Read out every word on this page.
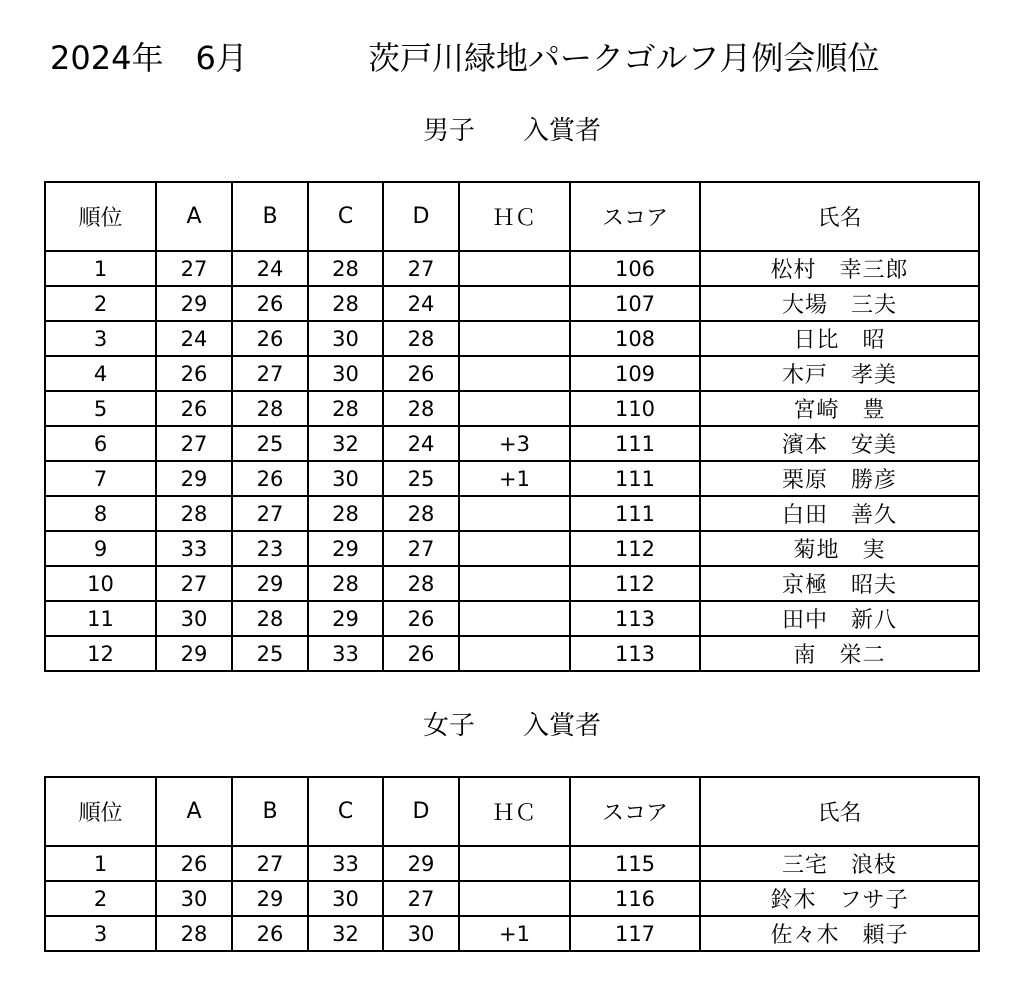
2024年　6月	茨戸川緑地パークゴルフ月例会順位
男子 入賞者
順位	A	B	C	D	ＨＣ	スコア	氏名
1	27	24	28	27		106	松村　幸三郎
2	29	26	28	24		107	大場　三夫
3	24	26	30	28		108	日比　昭
4	26	27	30	26		109	木戸　孝美
5	26	28	28	28		110	宮崎　豊
6	27	25	32	24	+3	111	濱本　安美
7	29	26	30	25	+1	111	栗原　勝彦
8	28	27	28	28		111	白田　善久
9	33	23	29	27		112	菊地　実
10	27	29	28	28		112	京極　昭夫
11	30	28	29	26		113	田中　新八
12	29	25	33	26		113	南　栄二
女子 入賞者
順位	A	B	C	D	ＨＣ	スコア	氏名
1	26	27	33	29		115	三宅　浪枝
2	30	29	30	27		116	鈴木　フサ子
3	28	26	32	30	+1	117	佐々木　頼子
